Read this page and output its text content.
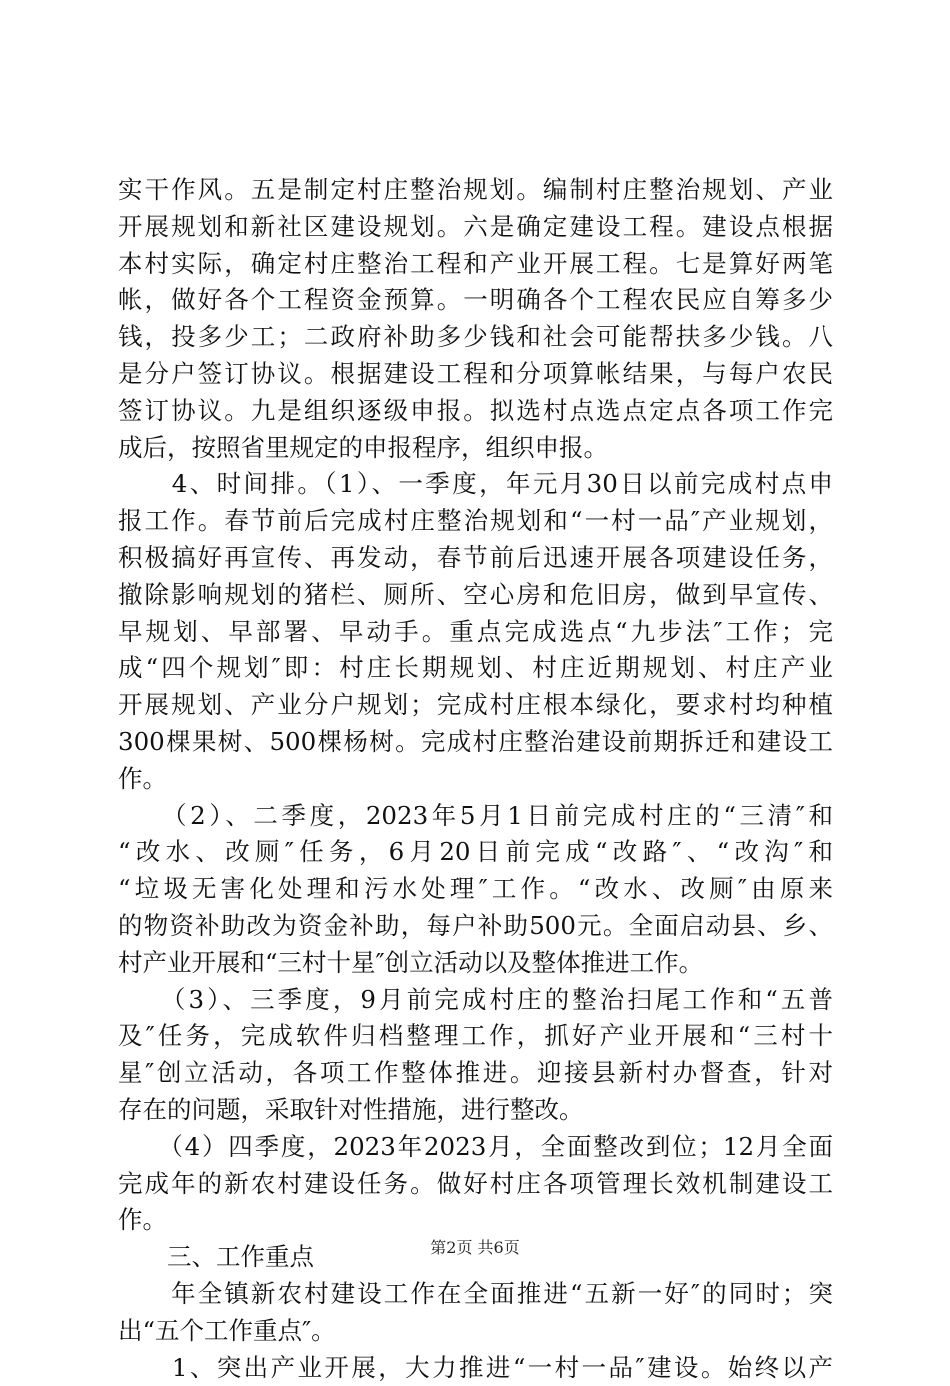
实干作风。五是制定村庄整治规划。编制村庄整治规划、产业
开展规划和新社区建设规划。六是确定建设工程。建设点根据
本村实际，确定村庄整治工程和产业开展工程。七是算好两笔
帐，做好各个工程资金预算。一明确各个工程农民应自筹多少
钱，投多少工；二政府补助多少钱和社会可能帮扶多少钱。八
是分户签订协议。根据建设工程和分项算帐结果，与每户农民
签订协议。九是组织逐级申报。拟选村点选点定点各项工作完
成后，按照省里规定的申报程序，组织申报。
　　4、时间排。（1）、一季度，年元月30日以前完成村点申
报工作。春节前后完成村庄整治规划和“一村一品″产业规划，
积极搞好再宣传、再发动，春节前后迅速开展各项建设任务，
撤除影响规划的猪栏、厕所、空心房和危旧房，做到早宣传、
早规划、早部署、早动手。重点完成选点“九步法″工作；完
成“四个规划″即：村庄长期规划、村庄近期规划、村庄产业
开展规划、产业分户规划；完成村庄根本绿化，要求村均种植
300棵果树、500棵杨树。完成村庄整治建设前期拆迁和建设工
作。
　　（2）、二季度，2023年5月1日前完成村庄的“三清″和
“改水、改厕″任务，6月20日前完成“改路″、“改沟″和
“垃圾无害化处理和污水处理″工作。“改水、改厕″由原来
的物资补助改为资金补助，每户补助500元。全面启动县、乡、
村产业开展和“三村十星″创立活动以及整体推进工作。
　　（3）、三季度，9月前完成村庄的整治扫尾工作和“五普
及″任务，完成软件归档整理工作，抓好产业开展和“三村十
星″创立活动，各项工作整体推进。迎接县新村办督查，针对
存在的问题，采取针对性措施，进行整改。
　　（4）四季度，2023年2023月，全面整改到位；12月全面
完成年的新农村建设任务。做好村庄各项管理长效机制建设工
作。
　　三、工作重点
　　年全镇新农村建设工作在全面推进“五新一好″的同时；突
出“五个工作重点″。
　　1、突出产业开展，大力推进“一村一品″建设。始终以产
第2页 共6页
